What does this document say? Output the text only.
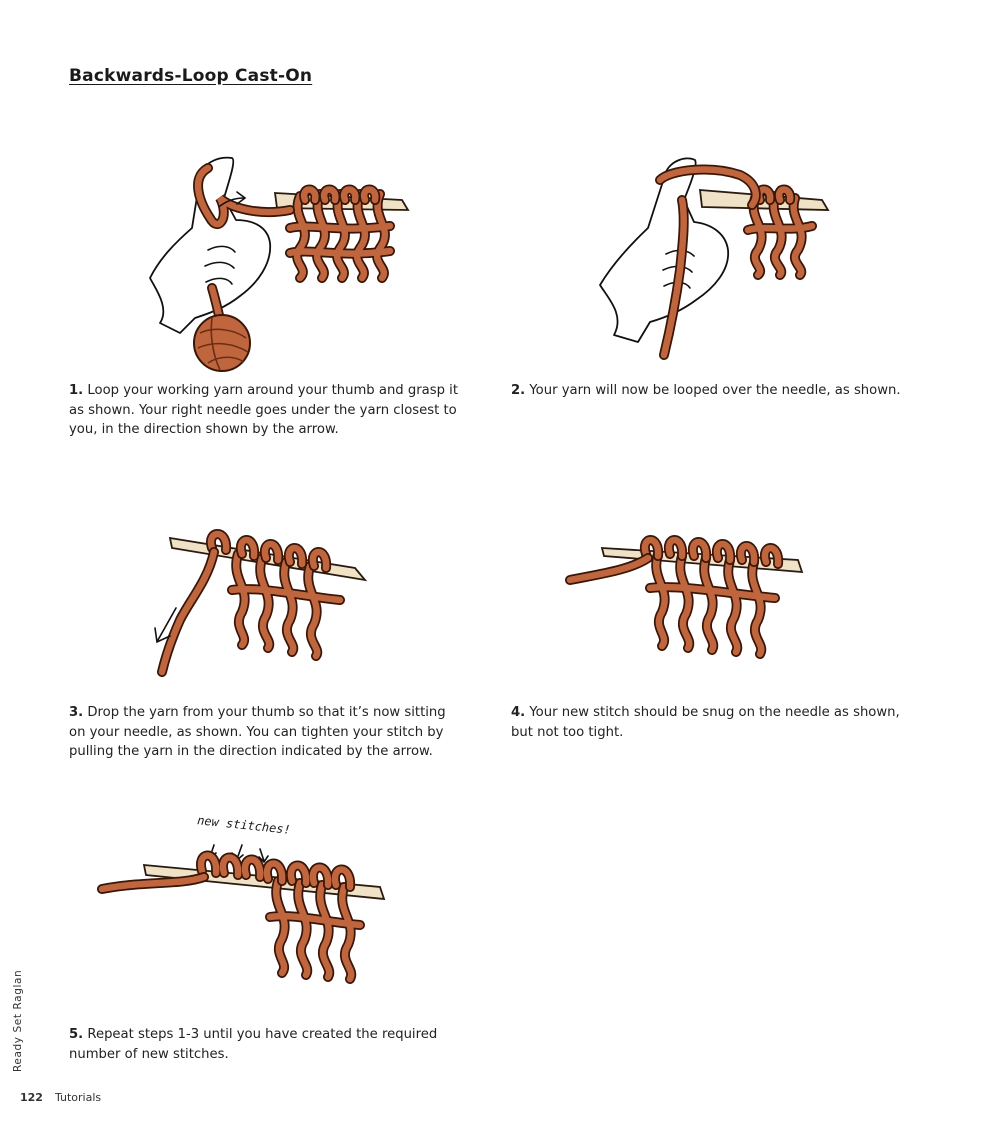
Backwards-Loop Cast-On
new stitches!
1. Loop your working yarn around your thumb and grasp it as shown. Your right needle goes under the yarn closest to you, in the direction shown by the arrow.
2. Your yarn will now be looped over the needle, as shown.
3. Drop the yarn from your thumb so that it’s now sitting on your needle, as shown. You can tighten your stitch by pulling the yarn in the direction indicated by the arrow.
4. Your new stitch should be snug on the needle as shown, but not too tight.
5. Repeat steps 1-3 until you have created the required number of new stitches.
Ready Set Raglan
122 Tutorials
